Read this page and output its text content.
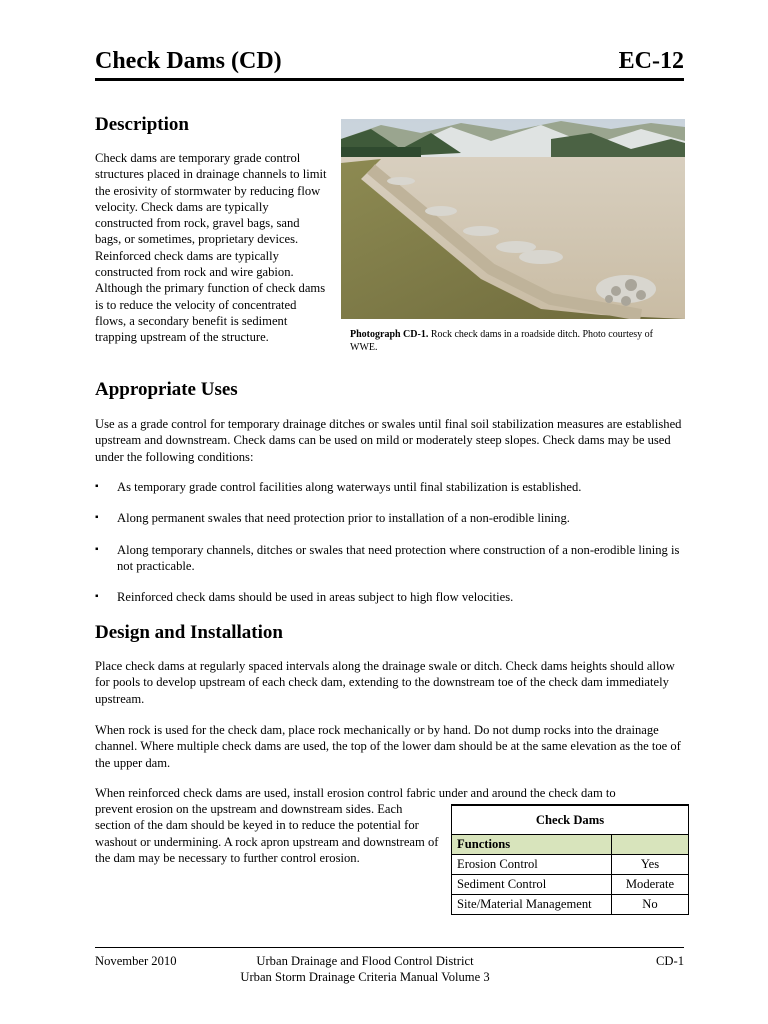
Check Dams (CD)	EC-12
Description
Check dams are temporary grade control structures placed in drainage channels to limit the erosivity of stormwater by reducing flow velocity. Check dams are typically constructed from rock, gravel bags, sand bags, or sometimes, proprietary devices. Reinforced check dams are typically constructed from rock and wire gabion. Although the primary function of check dams is to reduce the velocity of concentrated flows, a secondary benefit is sediment trapping upstream of the structure.	Photograph CD-1. Rock check dams in a roadside ditch. Photo courtesy of WWE.
Appropriate Uses
Use as a grade control for temporary drainage ditches or swales until final soil stabilization measures are established upstream and downstream. Check dams can be used on mild or moderately steep slopes. Check dams may be used under the following conditions:
▪ As temporary grade control facilities along waterways until final stabilization is established.
▪ Along permanent swales that need protection prior to installation of a non-erodible lining.
▪ Along temporary channels, ditches or swales that need protection where construction of a non-erodible lining is not practicable.
▪ Reinforced check dams should be used in areas subject to high flow velocities.
Design and Installation
Place check dams at regularly spaced intervals along the drainage swale or ditch. Check dams heights should allow for pools to develop upstream of each check dam, extending to the downstream toe of the check dam immediately upstream.
When rock is used for the check dam, place rock mechanically or by hand. Do not dump rocks into the drainage channel. Where multiple check dams are used, the top of the lower dam should be at the same elevation as the toe of the upper dam.
When reinforced check dams are used, install erosion control fabric under and around the check dam to
prevent erosion on the upstream and downstream sides. Each section of the dam should be keyed in to reduce the potential for washout or undermining. A rock apron upstream and downstream of the dam may be necessary to further control erosion.
Check Dams	
Functions	
Erosion Control	Yes
Sediment Control	Moderate
Site/Material Management	No
November 2010	Urban Drainage and Flood Control District
Urban Storm Drainage Criteria Manual Volume 3
CD-1
